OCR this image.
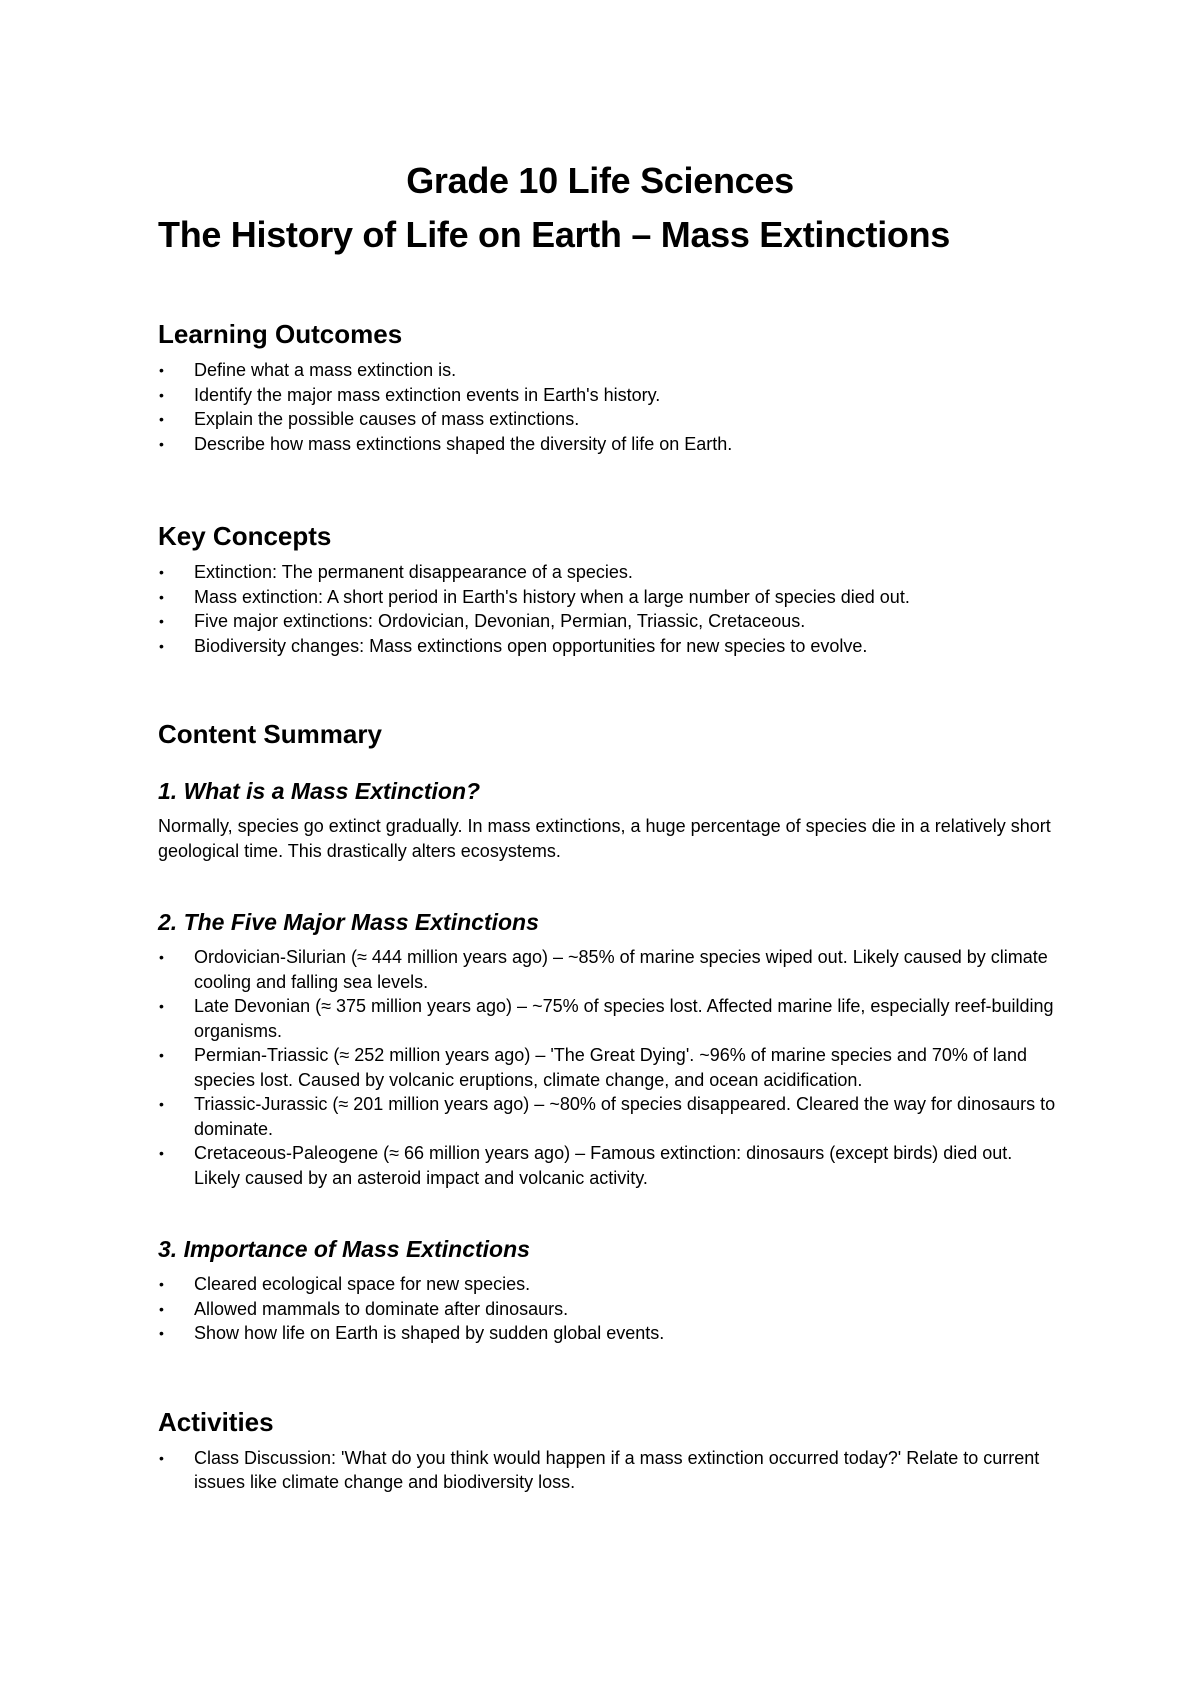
Grade 10 Life Sciences
The History of Life on Earth – Mass Extinctions
Learning Outcomes
• Define what a mass extinction is.
• Identify the major mass extinction events in Earth's history.
• Explain the possible causes of mass extinctions.
• Describe how mass extinctions shaped the diversity of life on Earth.
Key Concepts
• Extinction: The permanent disappearance of a species.
• Mass extinction: A short period in Earth's history when a large number of species died out.
• Five major extinctions: Ordovician, Devonian, Permian, Triassic, Cretaceous.
• Biodiversity changes: Mass extinctions open opportunities for new species to evolve.
Content Summary
1. What is a Mass Extinction?

Normally, species go extinct gradually. In mass extinctions, a huge percentage of species die in a relatively short geological time. This drastically alters ecosystems.

2. The Five Major Mass Extinctions
• Ordovician-Silurian (≈ 444 million years ago) – ~85% of marine species wiped out. Likely caused by climate cooling and falling sea levels.
• Late Devonian (≈ 375 million years ago) – ~75% of species lost. Affected marine life, especially reef-building organisms.
• Permian-Triassic (≈ 252 million years ago) – 'The Great Dying'. ~96% of marine species and 70% of land species lost. Caused by volcanic eruptions, climate change, and ocean acidification.
• Triassic-Jurassic (≈ 201 million years ago) – ~80% of species disappeared. Cleared the way for dinosaurs to dominate.
• Cretaceous-Paleogene (≈ 66 million years ago) – Famous extinction: dinosaurs (except birds) died out. Likely caused by an asteroid impact and volcanic activity.
3. Importance of Mass Extinctions
• Cleared ecological space for new species.
• Allowed mammals to dominate after dinosaurs.
• Show how life on Earth is shaped by sudden global events.
Activities
• Class Discussion: 'What do you think would happen if a mass extinction occurred today?' Relate to current issues like climate change and biodiversity loss.
